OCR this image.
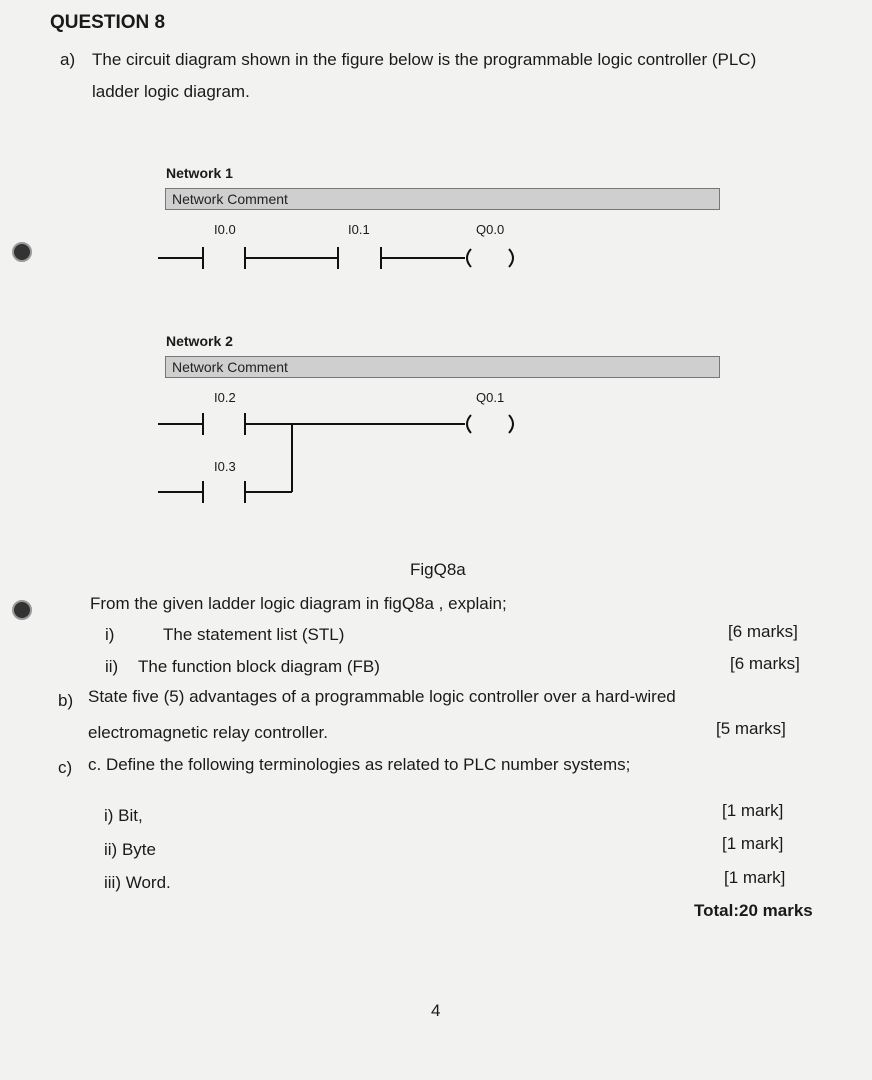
QUESTION 8
a) The circuit diagram shown in the figure below is the programmable logic controller (PLC)
ladder logic diagram.
Network 1
Network Comment
I0.0	I0.1	Q0.0
Network 2
Network Comment
I0.2
I0.3
Q0.1
FigQ8a
From the given ladder logic diagram in figQ8a , explain;
i)	The statement list (STL)	[6 marks]
ii) The function block diagram (FB)	[6 marks]
b) State five (5) advantages of a programmable logic controller over a hard-wired
electromagnetic relay controller.	[5 marks]
c) c. Define the following terminologies as related to PLC number systems;
i) Bit,	[1 mark]
ii) Byte	[1 mark]
iii) Word.	[1 mark]
Total:20 marks
4
